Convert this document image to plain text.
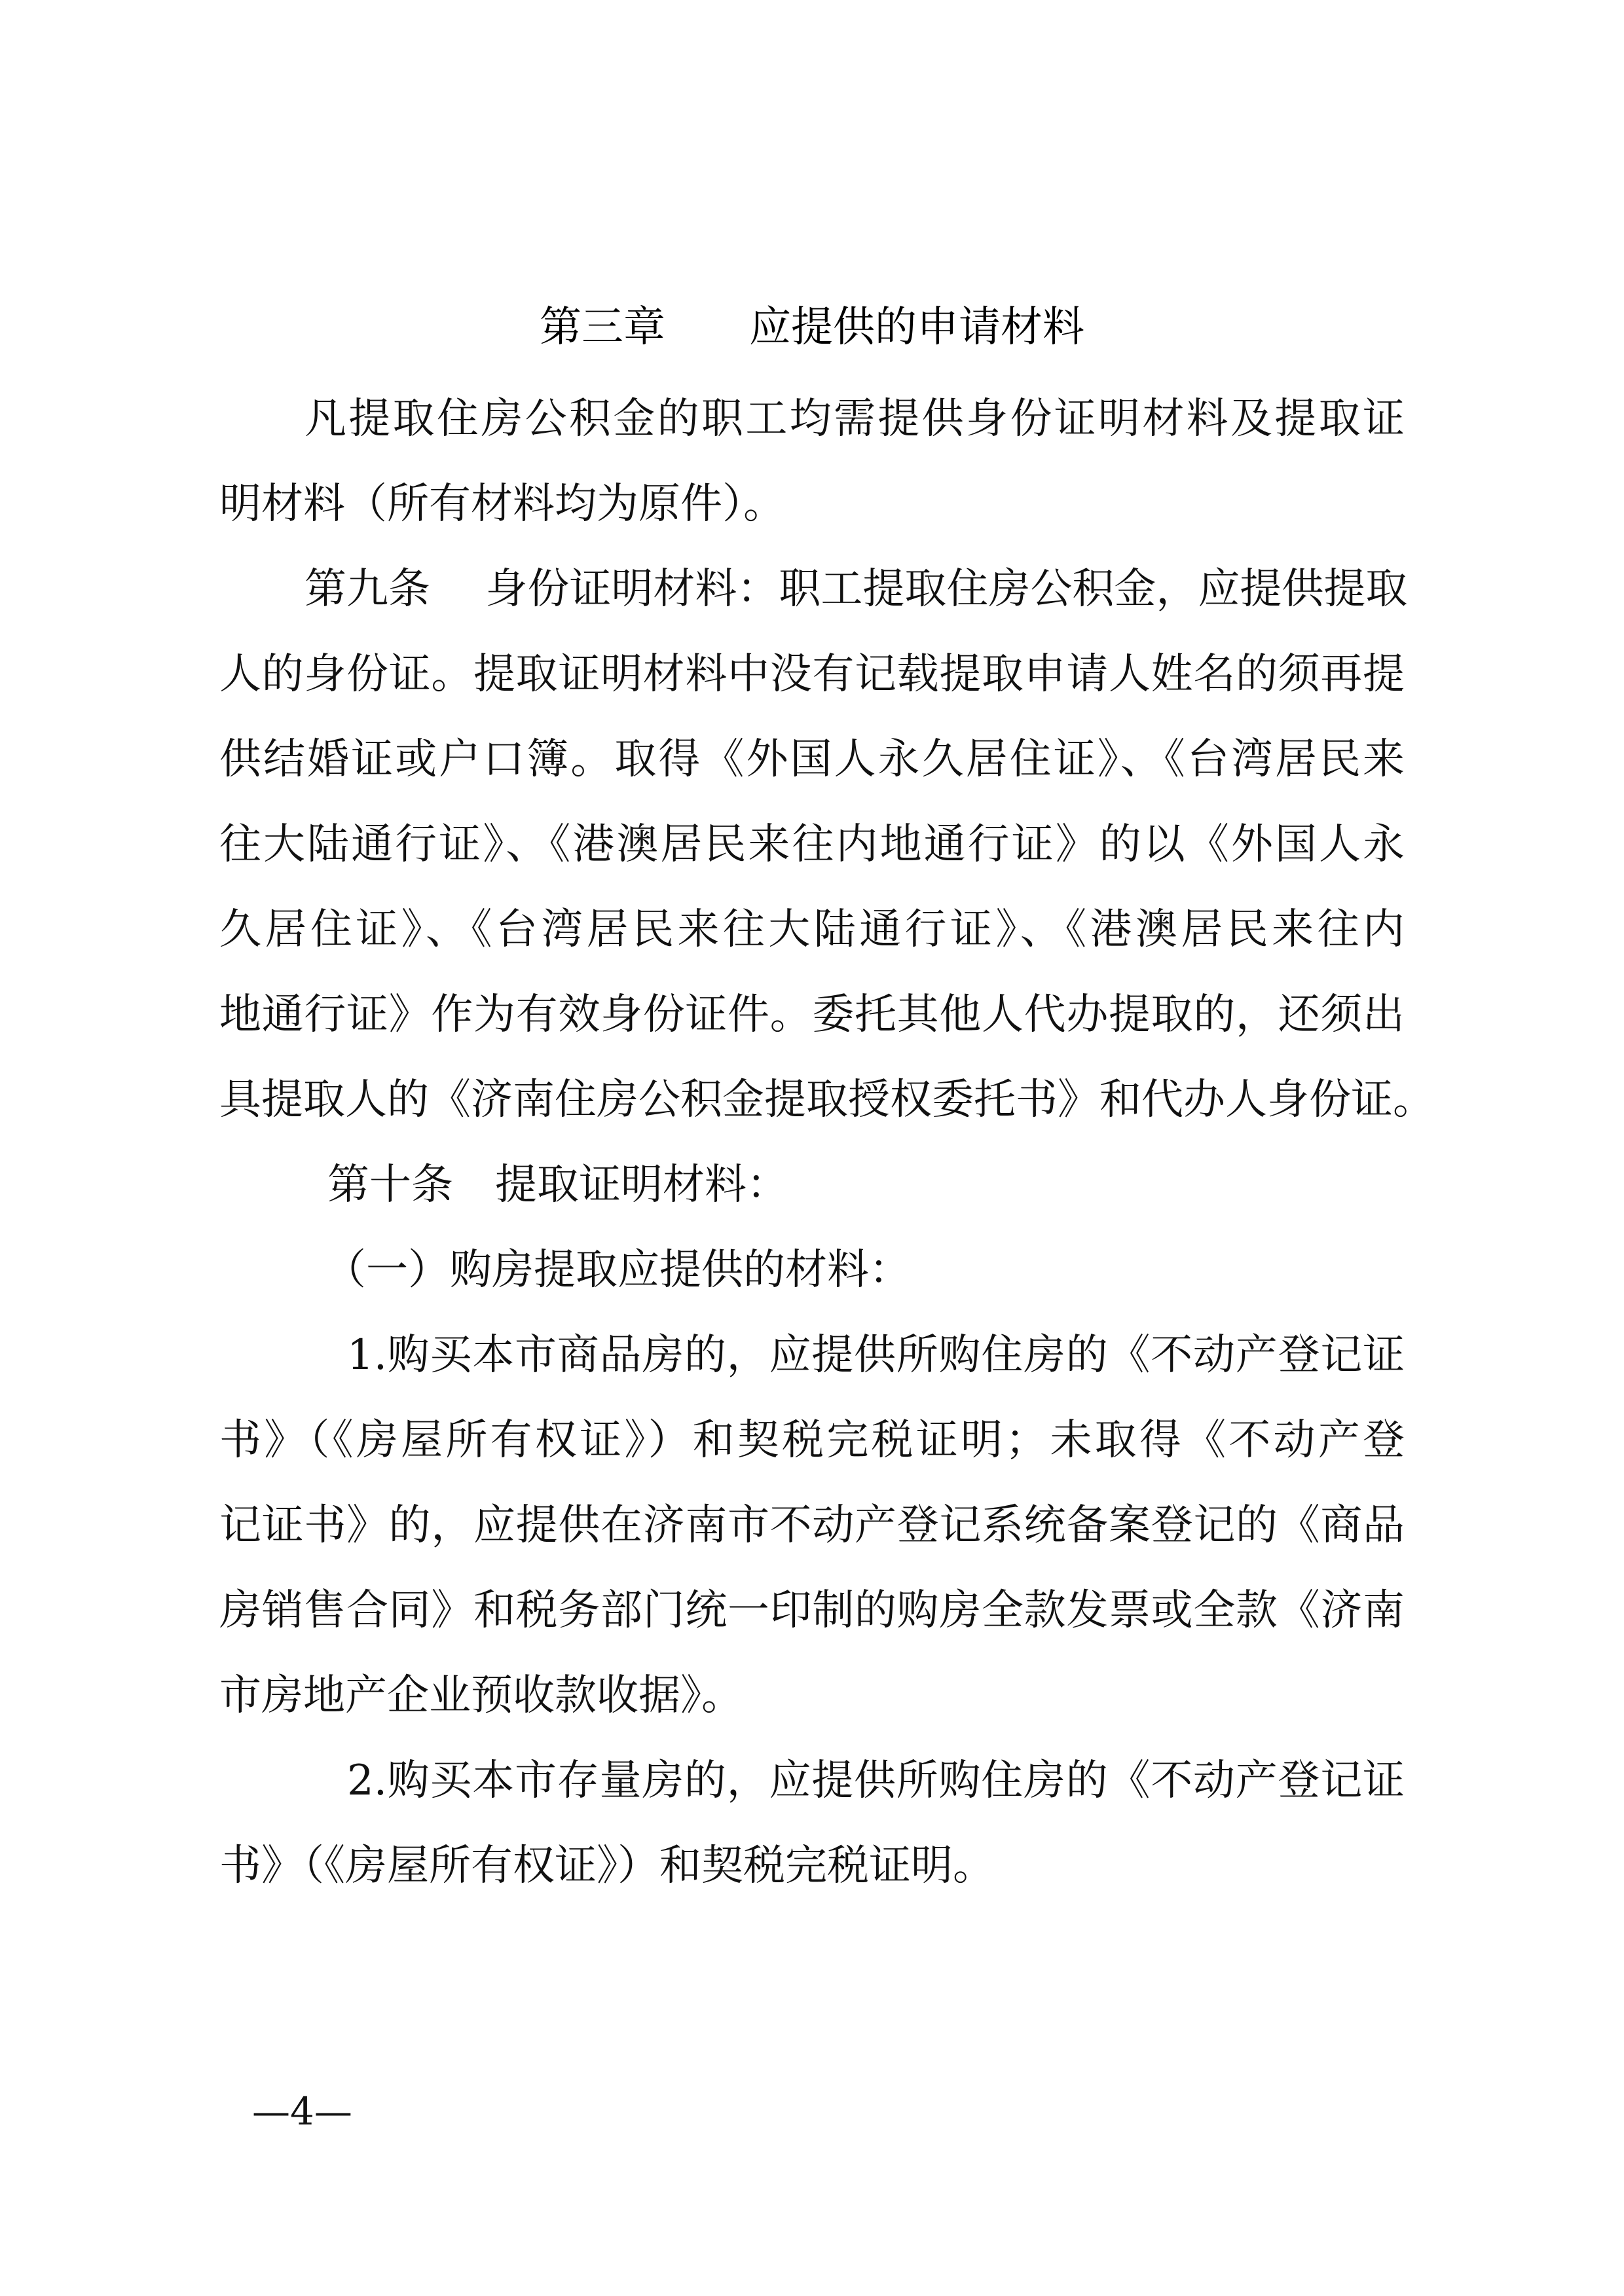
第三章　　应提供的申请材料
凡提取住房公积金的职工均需提供身份证明材料及提取证
明材料（所有材料均为原件）。
第九条　 身份证明材料：职工提取住房公积金，应提供提取
人的身份证。提取证明材料中没有记载提取申请人姓名的须再提
供结婚证或户口簿。取得《外国人永久居住证》、《台湾居民来
往大陆通行证》、《港澳居民来往内地通行证》的以《外国人永
久居住证》、《台湾居民来往大陆通行证》、《港澳居民来往内
地通行证》作为有效身份证件。委托其他人代办提取的，还须出
具提取人的《济南住房公积金提取授权委托书》和代办人身份证。
第十条　提取证明材料：
（一）购房提取应提供的材料：
1.购买本市商品房的，应提供所购住房的《不动产登记证
书》（《房屋所有权证》）和契税完税证明；未取得《不动产登
记证书》的，应提供在济南市不动产登记系统备案登记的《商品
房销售合同》和税务部门统一印制的购房全款发票或全款《济南
市房地产企业预收款收据》。
2.购买本市存量房的，应提供所购住房的《不动产登记证
书》（《房屋所有权证》）和契税完税证明。
—4—
